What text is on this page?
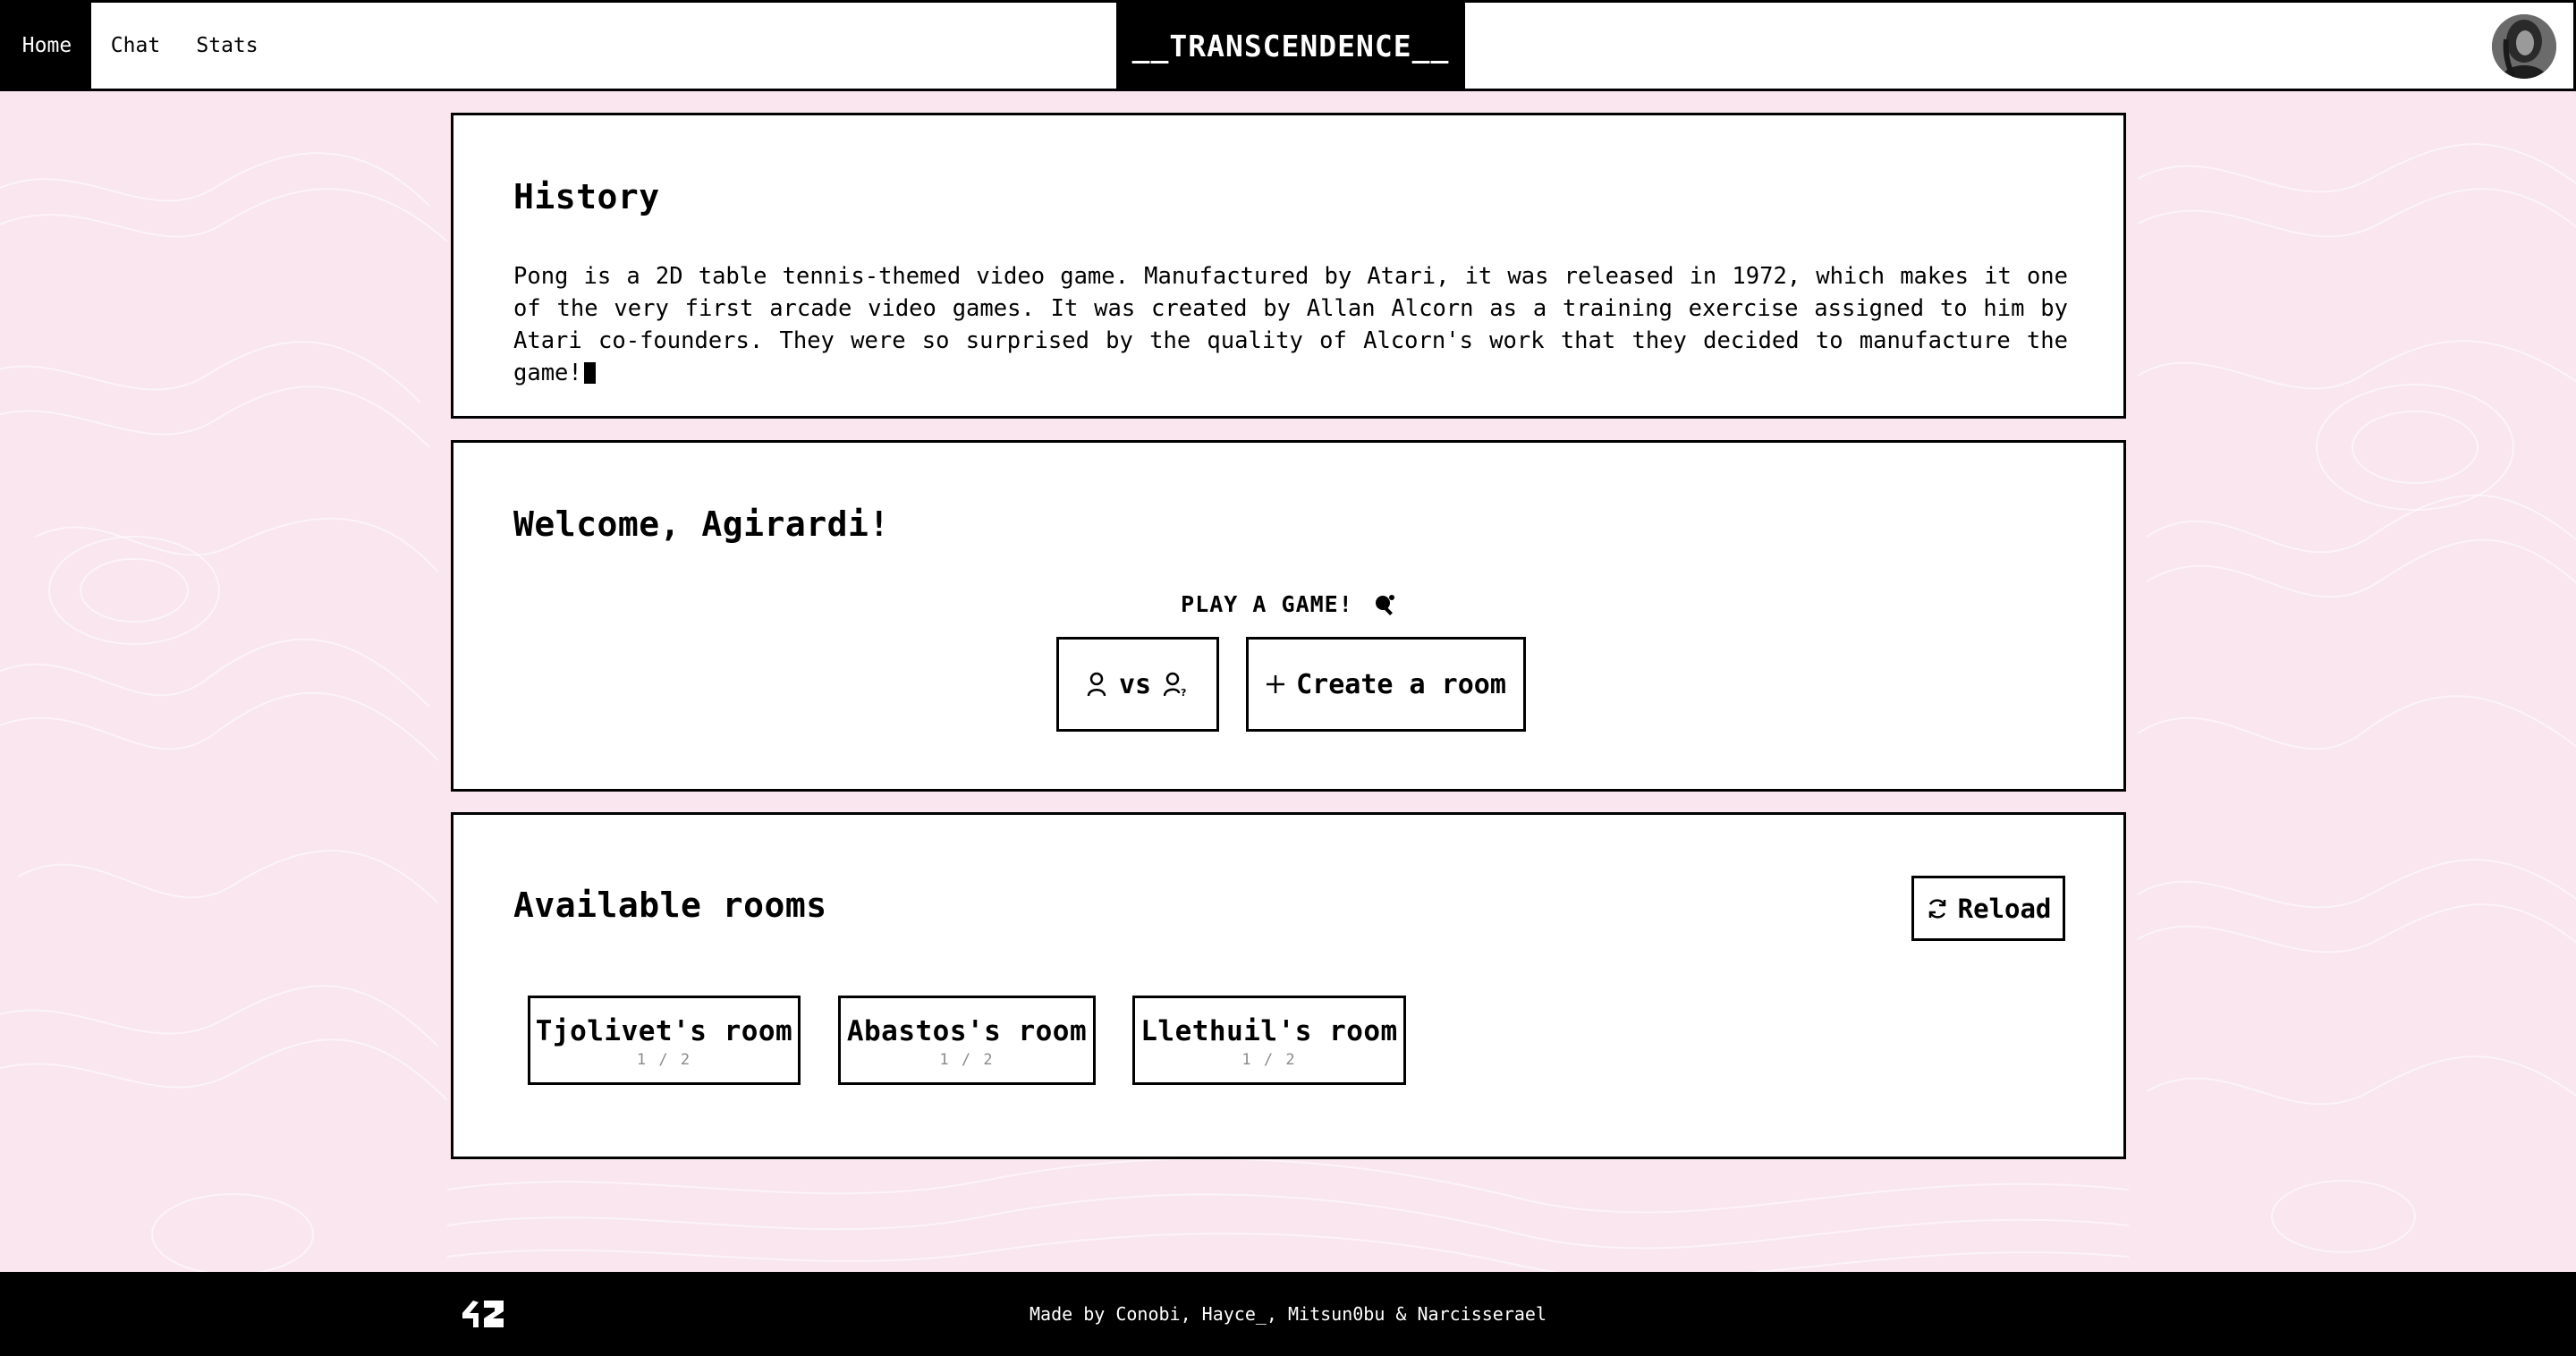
Home	Chat	Stats	__TRANSCENDENCE__
History

Pong is a 2D table tennis-themed video game. Manufactured by Atari, it was released in 1972, which makes it one of the very first arcade video games. It was created by Allan Alcorn as a training exercise assigned to him by Atari co-founders. They were so surprised by the quality of Alcorn's work that they decided to manufacture the game!

Welcome, Agirardi!
PLAY A GAME!
vs	?	Create a room
Available rooms	Reload
Tjolivet's room
1 / 2
Abastos's room
1 / 2
Llethuil's room
1 / 2
Made by Conobi, Hayce_, Mitsun0bu & Narcisserael
